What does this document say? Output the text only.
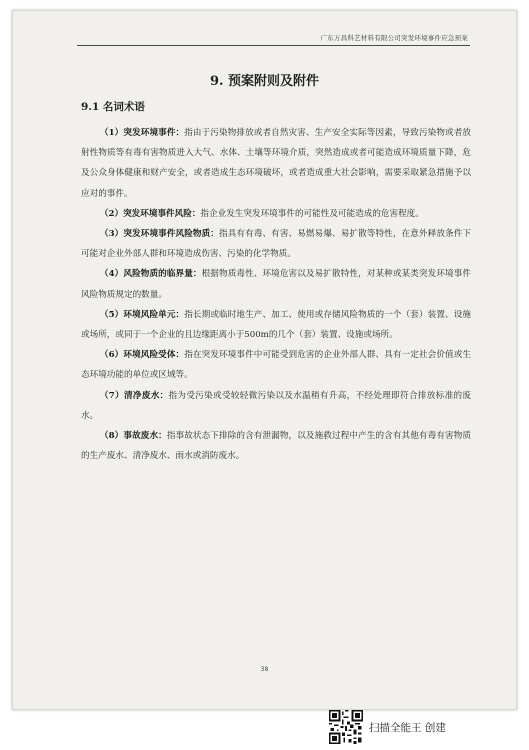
广东万昌科艺材料有限公司突发环境事件应急预案
9. 预案附则及附件
9.1 名词术语

（1）突发环境事件：指由于污染物排放或者自然灾害、生产安全实际等因素，导致污染物或者放射性物质等有毒有害物质进入大气、水体、土壤等环境介质，突然造成或者可能造成环境质量下降，危及公众身体健康和财产安全，或者造成生态环境破坏，或者造成重大社会影响，需要采取紧急措施予以应对的事件。

（2）突发环境事件风险：指企业发生突发环境事件的可能性及可能造成的危害程度。

（3）突发环境事件风险物质：指具有有毒、有害、易燃易爆、易扩散等特性，在意外释放条件下可能对企业外部人群和环境造成伤害、污染的化学物质。

（4）风险物质的临界量：根据物质毒性、环境危害以及易扩散特性，对某种或某类突发环境事件风险物质规定的数量。

（5）环境风险单元：指长期或临时地生产、加工、使用或存储风险物质的一个（套）装置、设施或场所，或同于一个企业的且边缘距离小于500m的几个（套）装置、设施或场所。

（6）环境风险受体：指在突发环境事件中可能受到危害的企业外部人群、具有一定社会价值或生态环境功能的单位或区域等。

（7）清净废水：指为受污染或受较轻微污染以及水温稍有升高，不经处理即符合排放标准的废水。

（8）事故废水：指事故状态下排除的含有泄漏物，以及施救过程中产生的含有其他有毒有害物质的生产废水、清净废水、雨水或消防废水。

38
扫描全能王 创建
